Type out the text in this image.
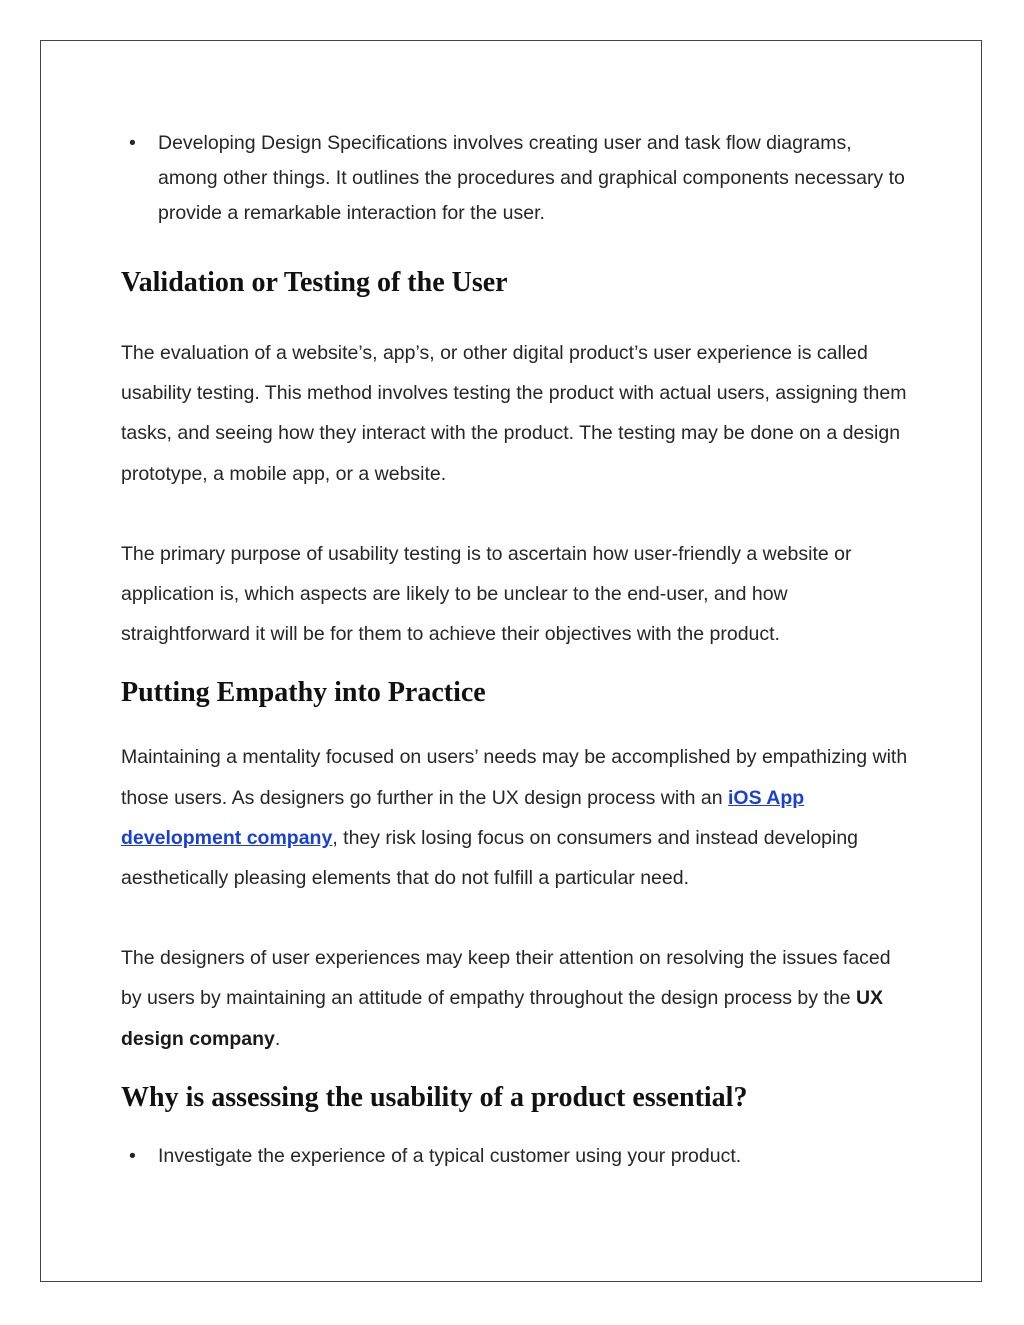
• Developing Design Specifications involves creating user and task flow diagrams, among other things. It outlines the procedures and graphical components necessary to provide a remarkable interaction for the user.
Validation or Testing of the User

The evaluation of a website’s, app’s, or other digital product’s user experience is called usability testing. This method involves testing the product with actual users, assigning them tasks, and seeing how they interact with the product. The testing may be done on a design prototype, a mobile app, or a website.

The primary purpose of usability testing is to ascertain how user-friendly a website or application is, which aspects are likely to be unclear to the end-user, and how straightforward it will be for them to achieve their objectives with the product.

Putting Empathy into Practice

Maintaining a mentality focused on users’ needs may be accomplished by empathizing with those users. As designers go further in the UX design process with an iOS App development company, they risk losing focus on consumers and instead developing aesthetically pleasing elements that do not fulfill a particular need.

The designers of user experiences may keep their attention on resolving the issues faced by users by maintaining an attitude of empathy throughout the design process by the UX design company.

Why is assessing the usability of a product essential?
• Investigate the experience of a typical customer using your product.
